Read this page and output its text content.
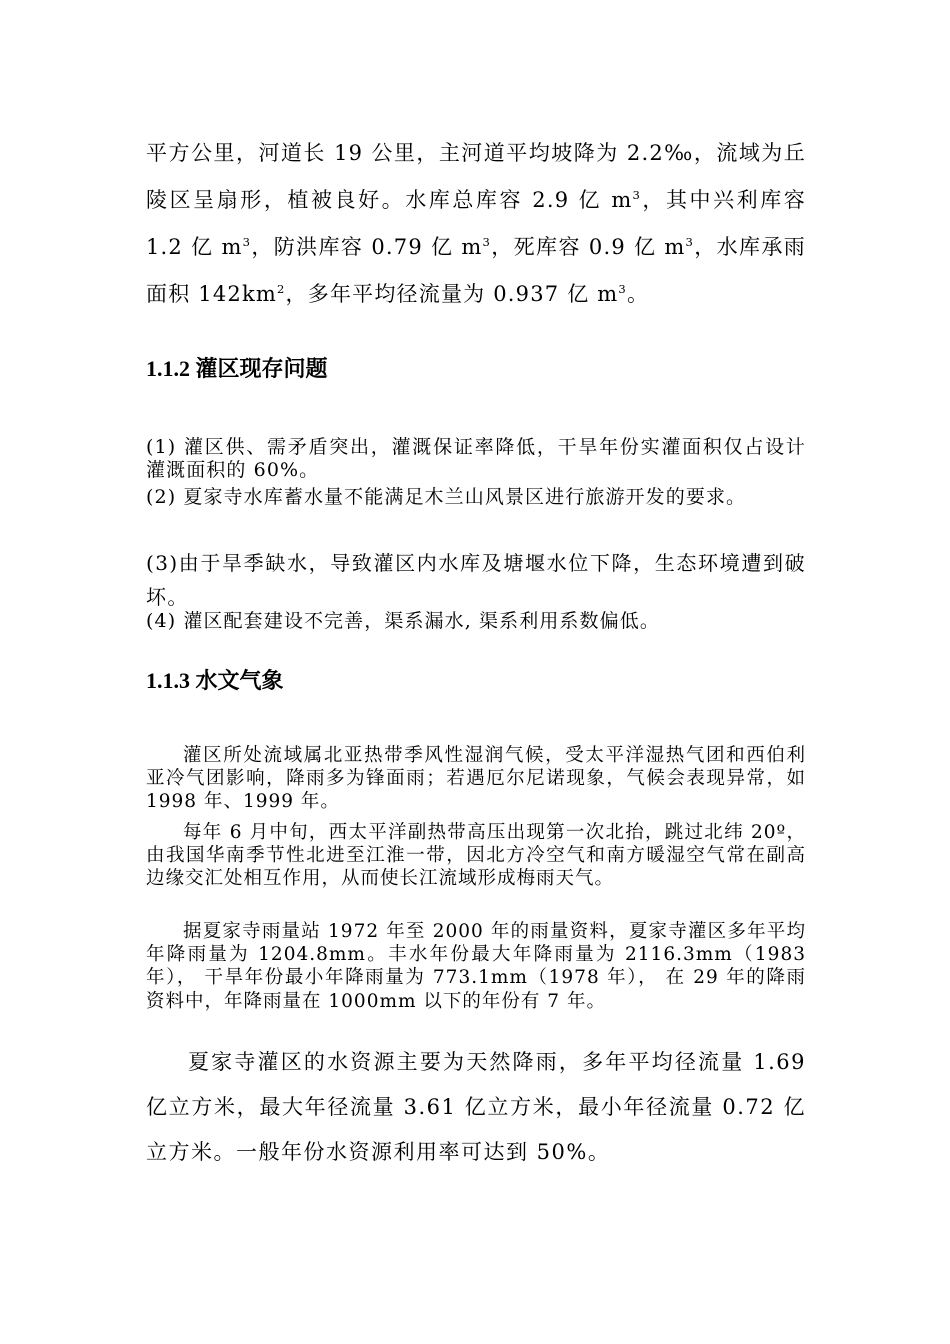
平方公里，河道长 19 公里，主河道平均坡降为 2.2‰，流域为丘陵区呈扇形，植被良好。水库总库容 2.9 亿 $m^3$，其中兴利库容 1.2 亿 $m^3$，防洪库容 0.79 亿 $m^3$，死库容 0.9 亿 $m^3$，水库承雨面积 $142km^2$，多年平均径流量为 0.937 亿 $m^3$。

1.1.2 灌区现存问题

(1) 灌区供、需矛盾突出，灌溉保证率降低，干旱年份实灌面积仅占设计灌溉面积的 60%。

(2) 夏家寺水库蓄水量不能满足木兰山风景区进行旅游开发的要求。

(3)由于旱季缺水，导致灌区内水库及塘堰水位下降，生态环境遭到破坏。

(4) 灌区配套建设不完善，渠系漏水, 渠系利用系数偏低。

1.1.3 水文气象

灌区所处流域属北亚热带季风性湿润气候，受太平洋湿热气团和西伯利亚冷气团影响，降雨多为锋面雨；若遇厄尔尼诺现象，气候会表现异常，如 1998 年、1999 年。

每年 6 月中旬，西太平洋副热带高压出现第一次北抬，跳过北纬 20º，由我国华南季节性北进至江淮一带，因北方冷空气和南方暖湿空气常在副高边缘交汇处相互作用，从而使长江流域形成梅雨天气。

据夏家寺雨量站 1972 年至 2000 年的雨量资料，夏家寺灌区多年平均年降雨量为 1204.8mm。丰水年份最大年降雨量为 2116.3mm（1983 年）， 干旱年份最小年降雨量为 773.1mm（1978 年）， 在 29 年的降雨资料中，年降雨量在 1000mm 以下的年份有 7 年。

夏家寺灌区的水资源主要为天然降雨，多年平均径流量 1.69 亿立方米，最大年径流量 3.61 亿立方米，最小年径流量 0.72 亿立方米。一般年份水资源利用率可达到 50%。
